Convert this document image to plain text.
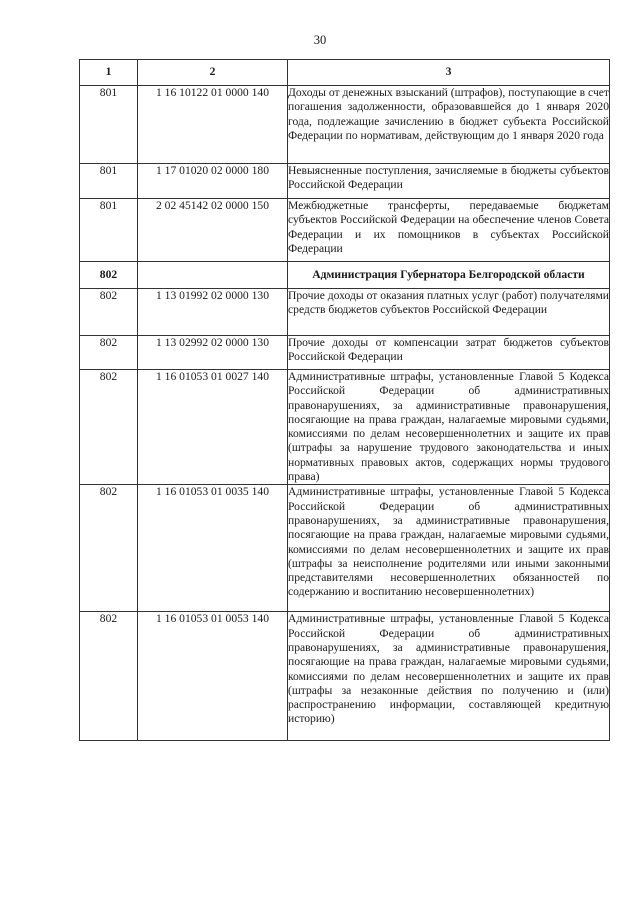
30
1	2	3
801	1 16 10122 01 0000 140	Доходы от денежных взысканий (штрафов), поступающие в счет погашения задолженности, образовавшейся до 1 января 2020 года, подлежащие зачислению в бюджет субъекта Российской Федерации по нормативам, действующим до 1 января 2020 года
801	1 17 01020 02 0000 180	Невыясненные поступления, зачисляемые в бюджеты субъектов Российской Федерации
801	2 02 45142 02 0000 150	Межбюджетные трансферты, передаваемые бюджетам субъектов Российской Федерации на обеспечение членов Совета Федерации и их помощников в субъектах Российской Федерации
802		Администрация Губернатора Белгородской области
802	1 13 01992 02 0000 130	Прочие доходы от оказания платных услуг (работ) получателями средств бюджетов субъектов Российской Федерации
802	1 13 02992 02 0000 130	Прочие доходы от компенсации затрат бюджетов субъектов Российской Федерации
802	1 16 01053 01 0027 140	Административные штрафы, установленные Главой 5 Кодекса Российской Федерации об административных правонарушениях, за административные правонарушения, посягающие на права граждан, налагаемые мировыми судьями, комиссиями по делам несовершеннолетних и защите их прав (штрафы за нарушение трудового законодательства и иных нормативных правовых актов, содержащих нормы трудового права)
802	1 16 01053 01 0035 140	Административные штрафы, установленные Главой 5 Кодекса Российской Федерации об административных правонарушениях, за административные правонарушения, посягающие на права граждан, налагаемые мировыми судьями, комиссиями по делам несовершеннолетних и защите их прав (штрафы за неисполнение родителями или иными законными представителями несовершеннолетних обязанностей по содержанию и воспитанию несовершеннолетних)
802	1 16 01053 01 0053 140	Административные штрафы, установленные Главой 5 Кодекса Российской Федерации об административных правонарушениях, за административные правонарушения, посягающие на права граждан, налагаемые мировыми судьями, комиссиями по делам несовершеннолетних и защите их прав (штрафы за незаконные действия по получению и (или) распространению информации, составляющей кредитную историю)
